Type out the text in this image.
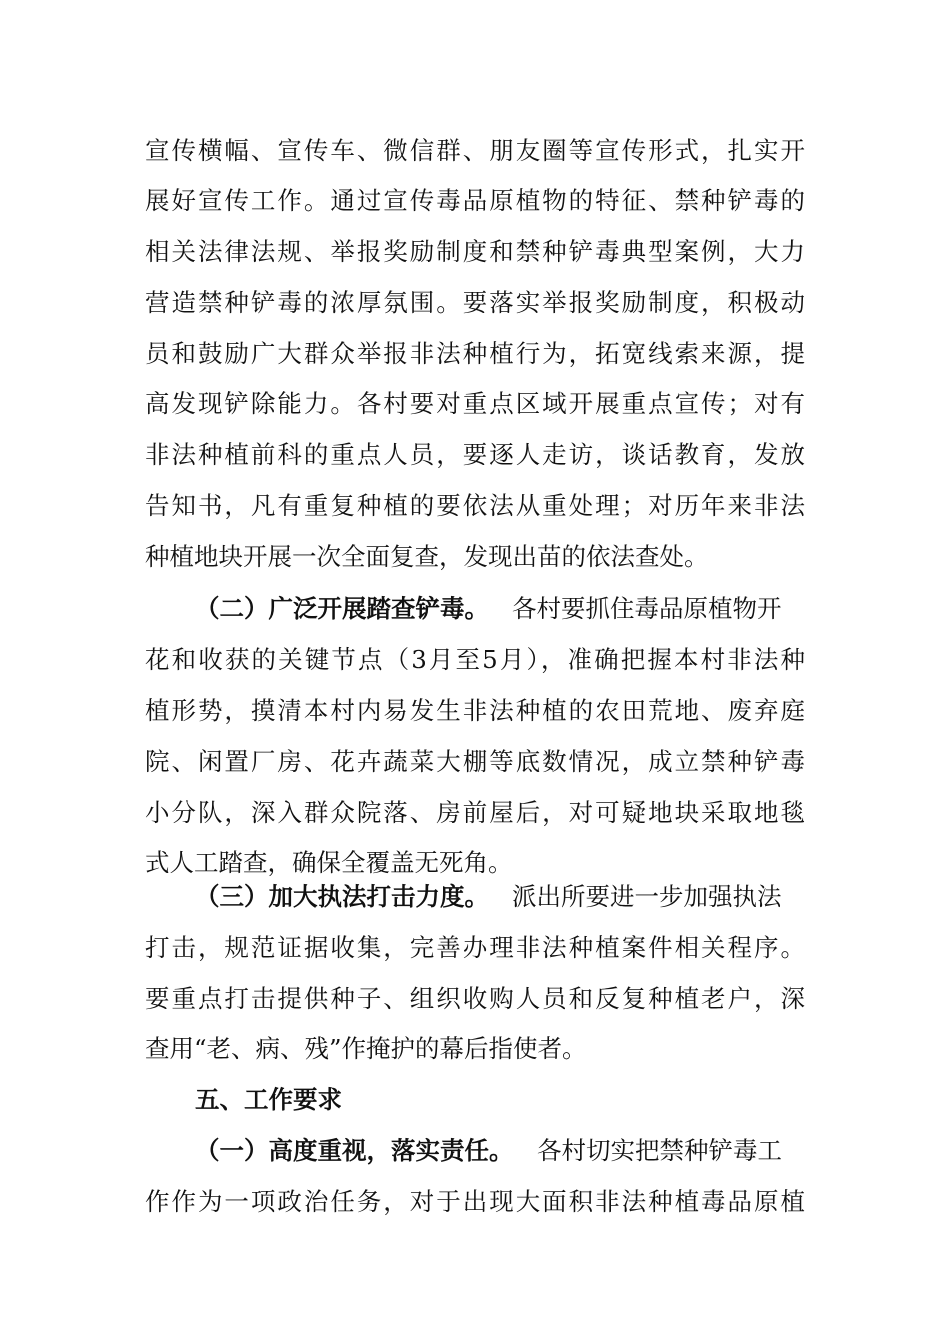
宣传横幅、宣传车、微信群、朋友圈等宣传形式，扎实开
展好宣传工作。通过宣传毒品原植物的特征、禁种铲毒的
相关法律法规、举报奖励制度和禁种铲毒典型案例，大力
营造禁种铲毒的浓厚氛围。要落实举报奖励制度，积极动
员和鼓励广大群众举报非法种植行为，拓宽线索来源，提
高发现铲除能力。各村要对重点区域开展重点宣传；对有
非法种植前科的重点人员，要逐人走访，谈话教育，发放
告知书，凡有重复种植的要依法从重处理；对历年来非法
种植地块开展一次全面复查，发现出苗的依法查处。
（二）广泛开展踏查铲毒。 各村要抓住毒品原植物开
花和收获的关键节点（3月至5月），准确把握本村非法种
植形势，摸清本村内易发生非法种植的农田荒地、废弃庭
院、闲置厂房、花卉蔬菜大棚等底数情况，成立禁种铲毒
小分队，深入群众院落、房前屋后，对可疑地块采取地毯
式人工踏查，确保全覆盖无死角。
（三）加大执法打击力度。 派出所要进一步加强执法
打击，规范证据收集，完善办理非法种植案件相关程序。
要重点打击提供种子、组织收购人员和反复种植老户，深
查用“老、病、残”作掩护的幕后指使者。
五、工作要求
（一）高度重视，落实责任。 各村切实把禁种铲毒工
作作为一项政治任务，对于出现大面积非法种植毒品原植
